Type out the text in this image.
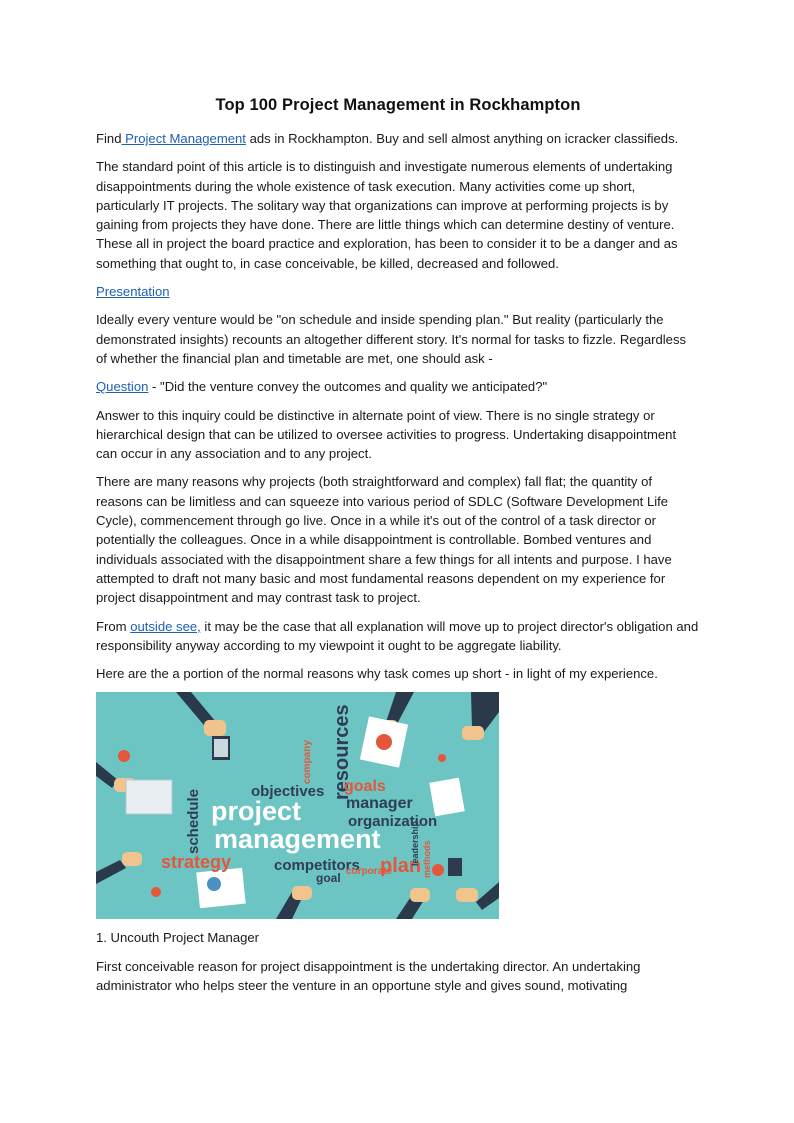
Top 100 Project Management in Rockhampton

Find Project Management ads in Rockhampton. Buy and sell almost anything on icracker classifieds.

The standard point of this article is to distinguish and investigate numerous elements of undertaking disappointments during the whole existence of task execution. Many activities come up short, particularly IT projects. The solitary way that organizations can improve at performing projects is by gaining from projects they have done. There are little things which can determine destiny of venture. These all in project the board practice and exploration, has been to consider it to be a danger and as something that ought to, in case conceivable, be killed, decreased and followed.

Presentation

Ideally every venture would be "on schedule and inside spending plan." But reality (particularly the demonstrated insights) recounts an altogether different story. It's normal for tasks to fizzle. Regardless of whether the financial plan and timetable are met, one should ask -

Question - "Did the venture convey the outcomes and quality we anticipated?"

Answer to this inquiry could be distinctive in alternate point of view. There is no single strategy or hierarchical design that can be utilized to oversee activities to progress. Undertaking disappointment can occur in any association and to any project.

There are many reasons why projects (both straightforward and complex) fall flat; the quantity of reasons can be limitless and can squeeze into various period of SDLC (Software Development Life Cycle), commencement through go live. Once in a while it's out of the control of a task director or potentially the colleagues. Once in a while disappointment is controllable. Bombed ventures and individuals associated with the disappointment share a few things for all intents and purpose. I have attempted to draft not many basic and most fundamental reasons dependent on my experience for project disappointment and may contrast task to project.

From outside see, it may be the case that all explanation will move up to project director's obligation and responsibility anyway according to my viewpoint it ought to be aggregate liability.

Here are the a portion of the normal reasons why task comes up short - in light of my experience.

project
management
resources
objectives goals
manager
organization
strategy
schedule
competitors plan
goal corporate
company
leadership methods

1. Uncouth Project Manager

First conceivable reason for project disappointment is the undertaking director. An undertaking administrator who helps steer the venture in an opportune style and gives sound, motivating
